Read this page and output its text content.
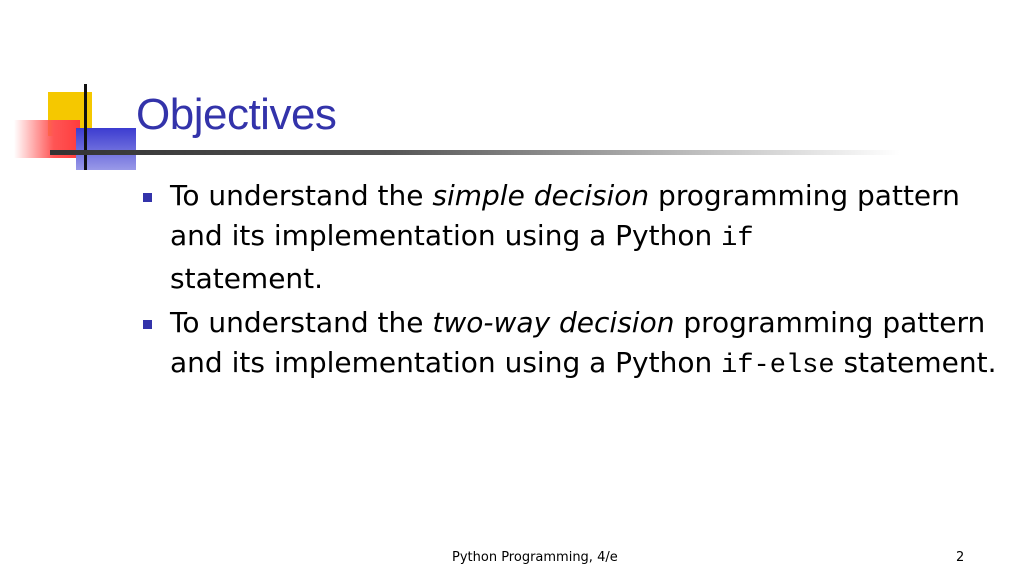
Objectives
To understand the simple decision programming pattern and its implementation using a Python if
statement.
To understand the two-way decision programming pattern and its implementation using a Python if-else statement.
Python Programming, 4/e	2
